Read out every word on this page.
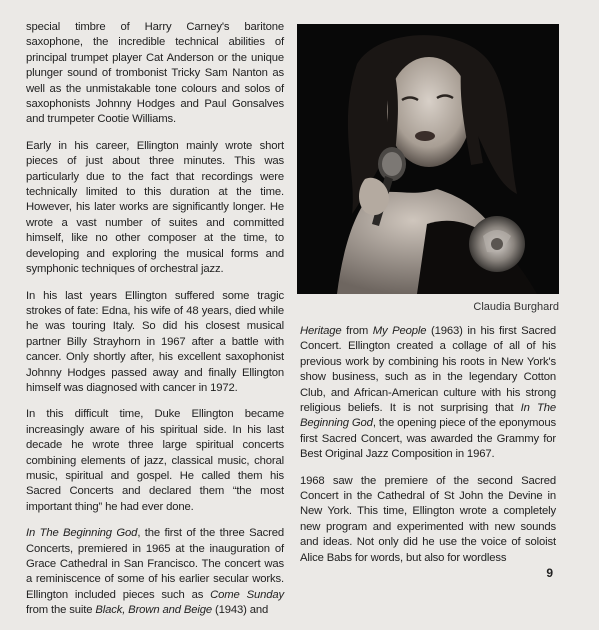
special timbre of Harry Carney's baritone saxophone, the incredible technical abilities of principal trumpet player Cat Anderson or the unique plunger sound of trombonist Tricky Sam Nanton as well as the unmistakable tone colours and solos of saxophonists Johnny Hodges and Paul Gonsalves and trumpeter Cootie Williams.

Early in his career, Ellington mainly wrote short pieces of just about three minutes. This was particularly due to the fact that recordings were technically limited to this duration at the time. However, his later works are significantly longer. He wrote a vast number of suites and committed himself, like no other composer at the time, to developing and exploring the musical forms and symphonic techniques of orchestral jazz.

In his last years Ellington suffered some tragic strokes of fate: Edna, his wife of 48 years, died while he was touring Italy. So did his closest musical partner Billy Strayhorn in 1967 after a battle with cancer. Only shortly after, his excellent saxophonist Johnny Hodges passed away and finally Ellington himself was diagnosed with cancer in 1972.

In this difficult time, Duke Ellington became increasingly aware of his spiritual side. In his last decade he wrote three large spiritual concerts combining elements of jazz, classical music, choral music, spiritual and gospel. He called them his Sacred Concerts and declared them “the most important thing” he had ever done.

In The Beginning God, the first of the three Sacred Concerts, premiered in 1965 at the inauguration of Grace Cathedral in San Francisco. The concert was a reminiscence of some of his earlier secular works. Ellington included pieces such as Come Sunday from the suite Black, Brown and Beige (1943) and

Claudia Burghard

Heritage from My People (1963) in his first Sacred Concert. Ellington created a collage of all of his previous work by combining his roots in New York's show business, such as in the legendary Cotton Club, and African-American culture with his strong religious beliefs. It is not surprising that In The Beginning God, the opening piece of the eponymous first Sacred Concert, was awarded the Grammy for Best Original Jazz Composition in 1967.

1968 saw the premiere of the second Sacred Concert in the Cathedral of St John the Devine in New York. This time, Ellington wrote a completely new program and experimented with new sounds and ideas. Not only did he use the voice of soloist Alice Babs for words, but also for wordless

9
